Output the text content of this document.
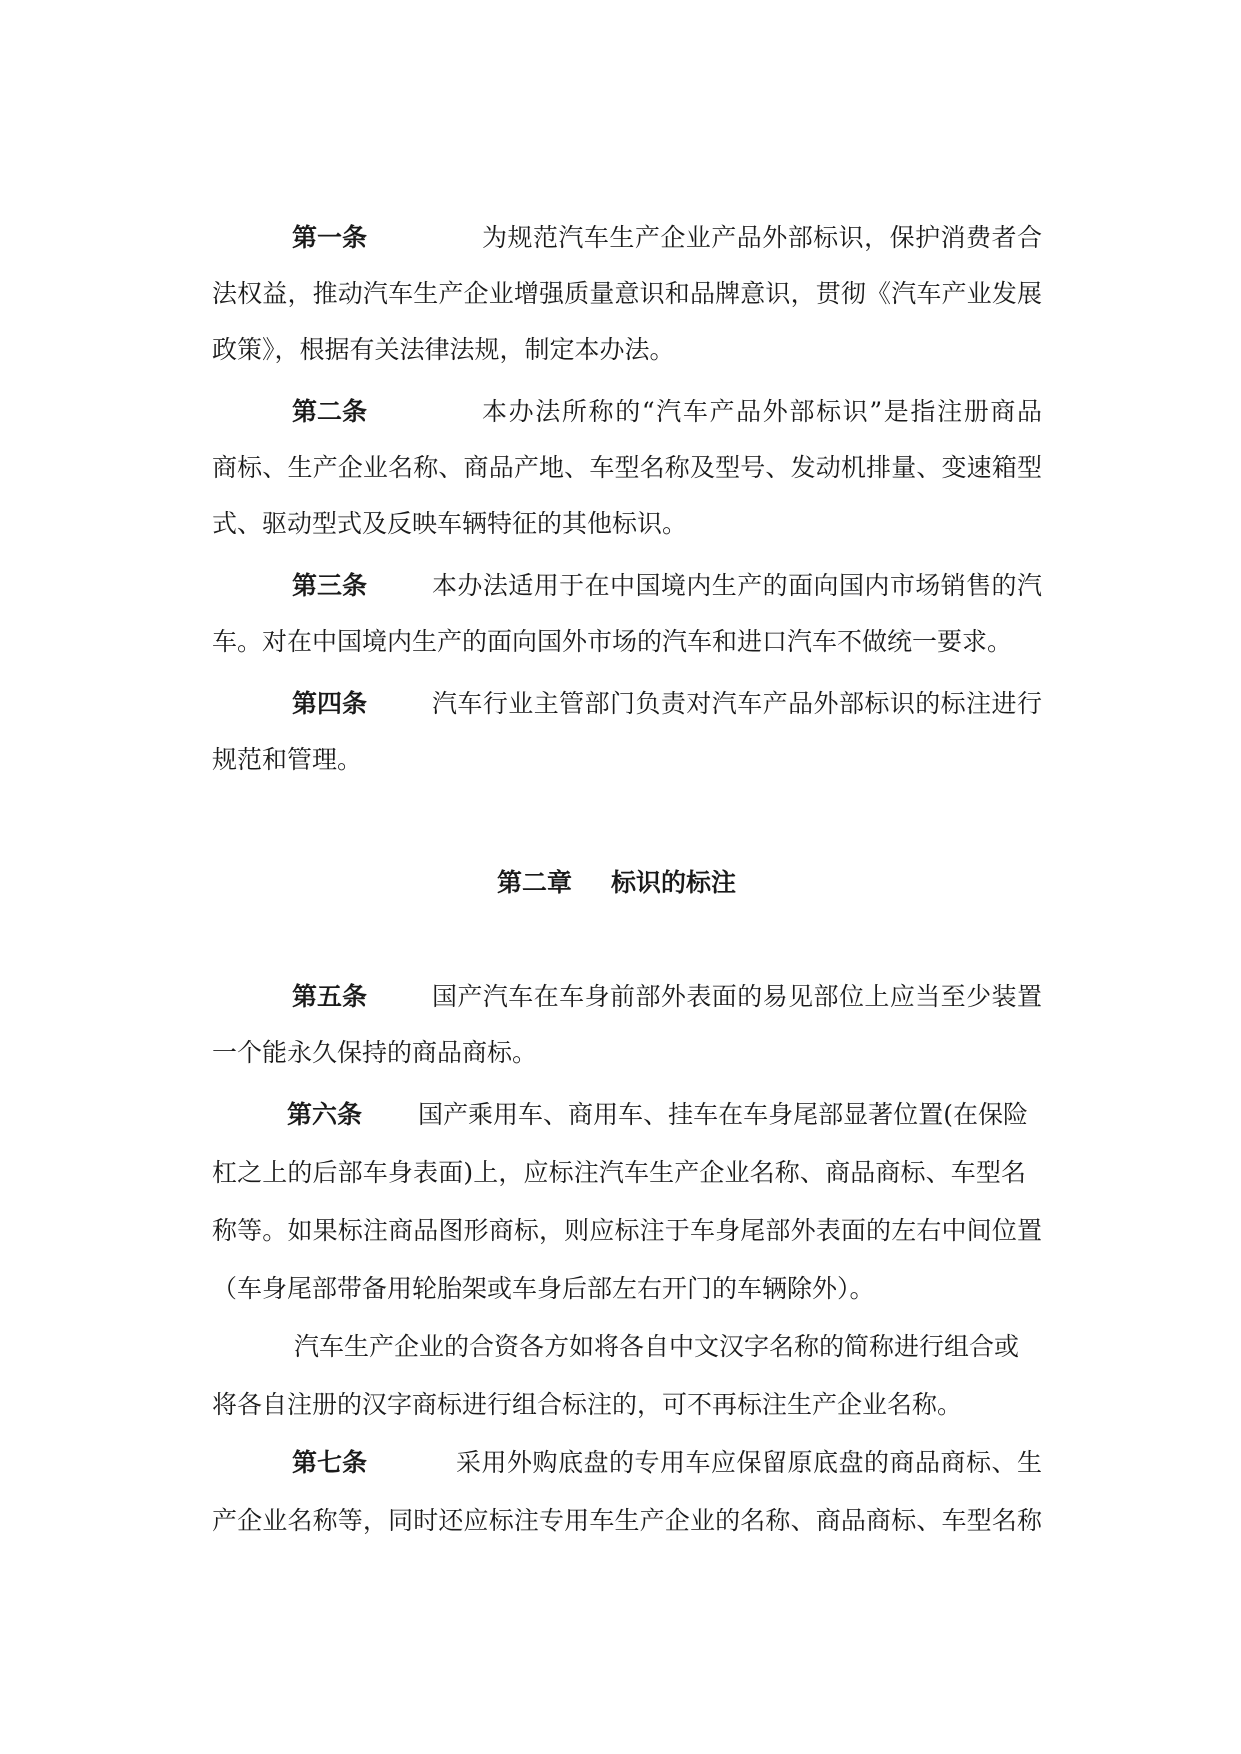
第一条	为规范汽车生产企业产品外部标识，保护消费者合
法权益，推动汽车生产企业增强质量意识和品牌意识，贯彻《汽车产业发展
政策》，根据有关法律法规，制定本办法。
第二条	本办法所称的“汽车产品外部标识”是指注册商品
商标、生产企业名称、商品产地、车型名称及型号、发动机排量、变速箱型
式、驱动型式及反映车辆特征的其他标识。
第三条	本办法适用于在中国境内生产的面向国内市场销售的汽
车。对在中国境内生产的面向国外市场的汽车和进口汽车不做统一要求。
第四条	汽车行业主管部门负责对汽车产品外部标识的标注进行
规范和管理。
第二章 标识的标注
第五条	国产汽车在车身前部外表面的易见部位上应当至少装置
一个能永久保持的商品商标。
第六条 国产乘用车、商用车、挂车在车身尾部显著位置(在保险
杠之上的后部车身表面)上，应标注汽车生产企业名称、商品商标、车型名
称等。如果标注商品图形商标，则应标注于车身尾部外表面的左右中间位置
（车身尾部带备用轮胎架或车身后部左右开门的车辆除外）。
汽车生产企业的合资各方如将各自中文汉字名称的简称进行组合或
将各自注册的汉字商标进行组合标注的，可不再标注生产企业名称。
第七条	采用外购底盘的专用车应保留原底盘的商品商标、生
产企业名称等，同时还应标注专用车生产企业的名称、商品商标、车型名称
